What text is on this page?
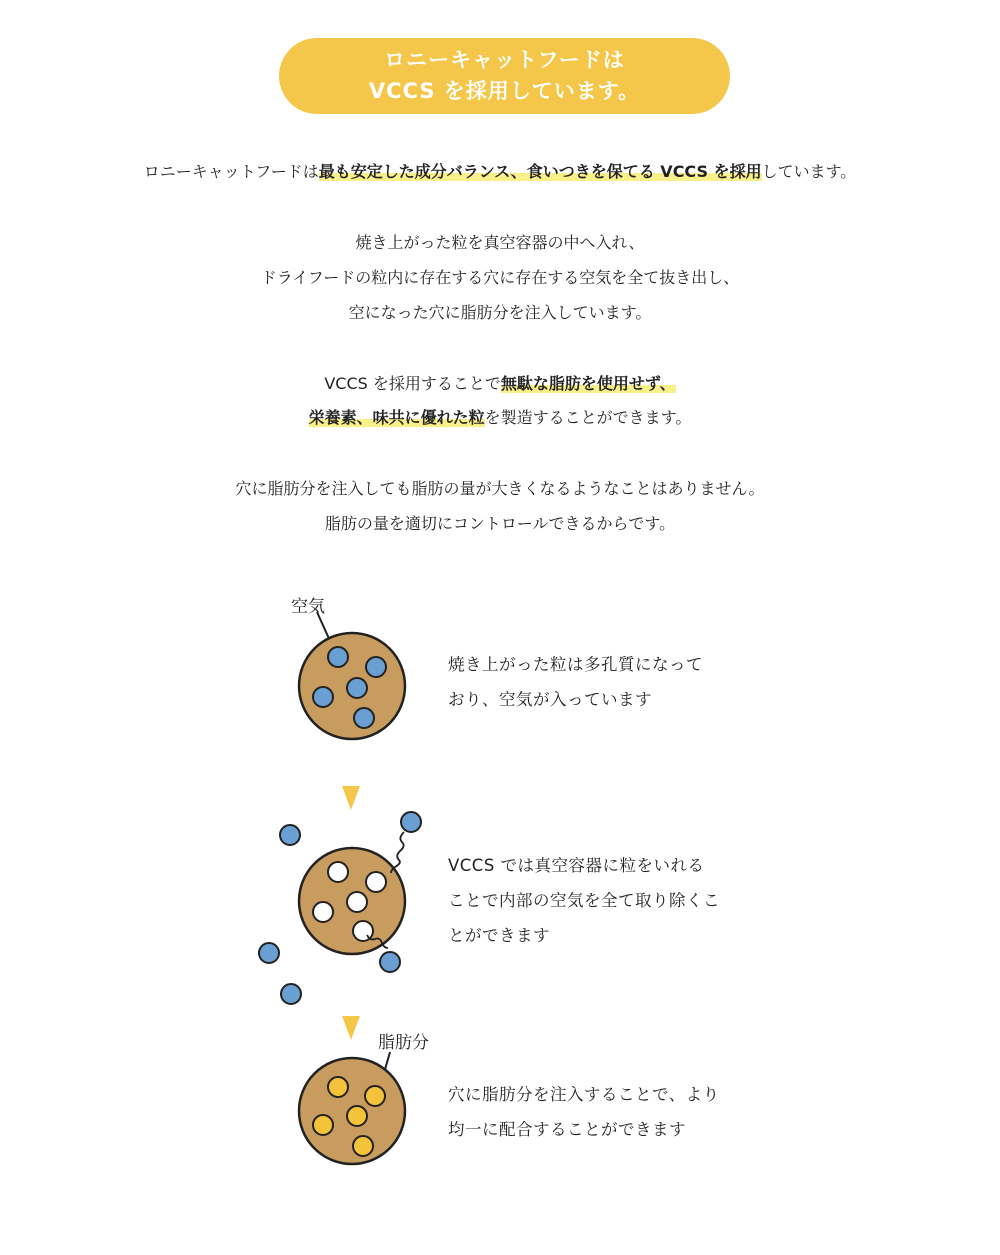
ロニーキャットフードは
VCCS を採用しています。
ロニーキャットフードは最も安定した成分バランス、食いつきを保てる VCCS を採用しています。
焼き上がった粒を真空容器の中へ入れ、
ドライフードの粒内に存在する穴に存在する空気を全て抜き出し、
空になった穴に脂肪分を注入しています。
VCCS を採用することで無駄な脂肪を使用せず、
栄養素、味共に優れた粒を製造することができます。
穴に脂肪分を注入しても脂肪の量が大きくなるようなことはありません。
脂肪の量を適切にコントロールできるからです。
空気
脂肪分
焼き上がった粒は多孔質になって
おり、空気が入っています
VCCS では真空容器に粒をいれる
ことで内部の空気を全て取り除くこ
とができます
穴に脂肪分を注入することで、より
均一に配合することができます
